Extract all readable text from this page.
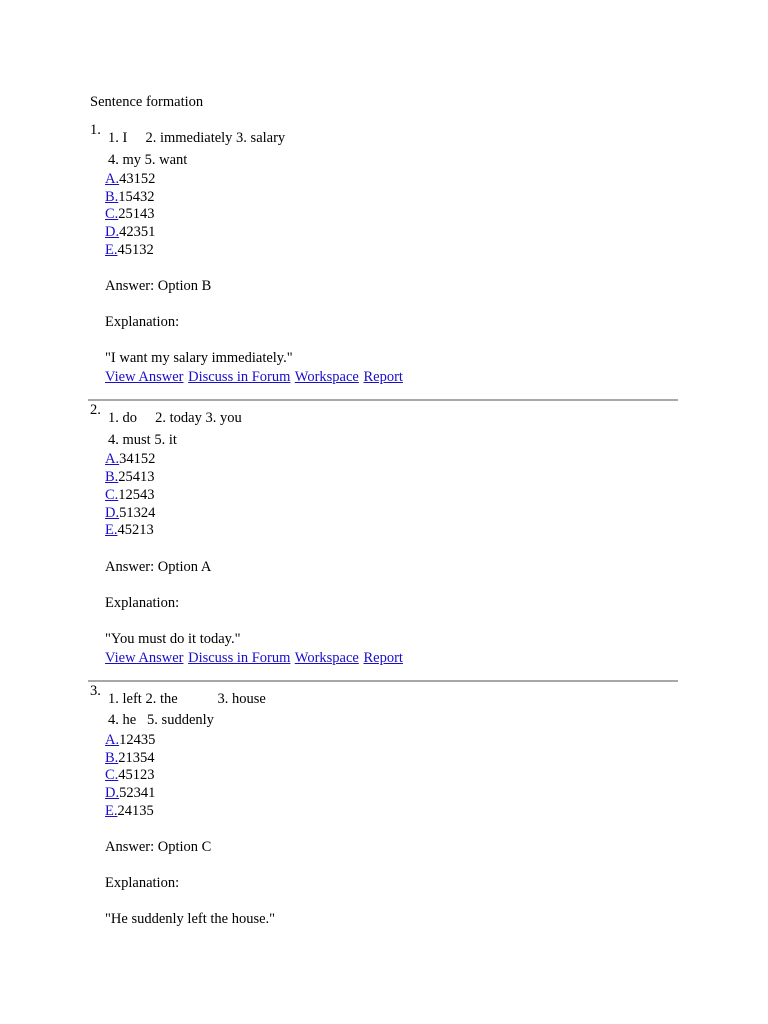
Sentence formation
1. 1. I     2. immediately 3. salary
4. my 5. want
A.43152
B.15432
C.25143
D.42351
E.45132
Answer: Option B
Explanation:
"I want my salary immediately."
View Answer Discuss in Forum Workspace Report
2. 1. do     2. today 3. you
4. must 5. it
A.34152
B.25413
C.12543
D.51324
E.45213
Answer: Option A
Explanation:
"You must do it today."
View Answer Discuss in Forum Workspace Report
3. 1. left 2. the           3. house
4. he   5. suddenly
A.12435
B.21354
C.45123
D.52341
E.24135
Answer: Option C
Explanation:
"He suddenly left the house."
